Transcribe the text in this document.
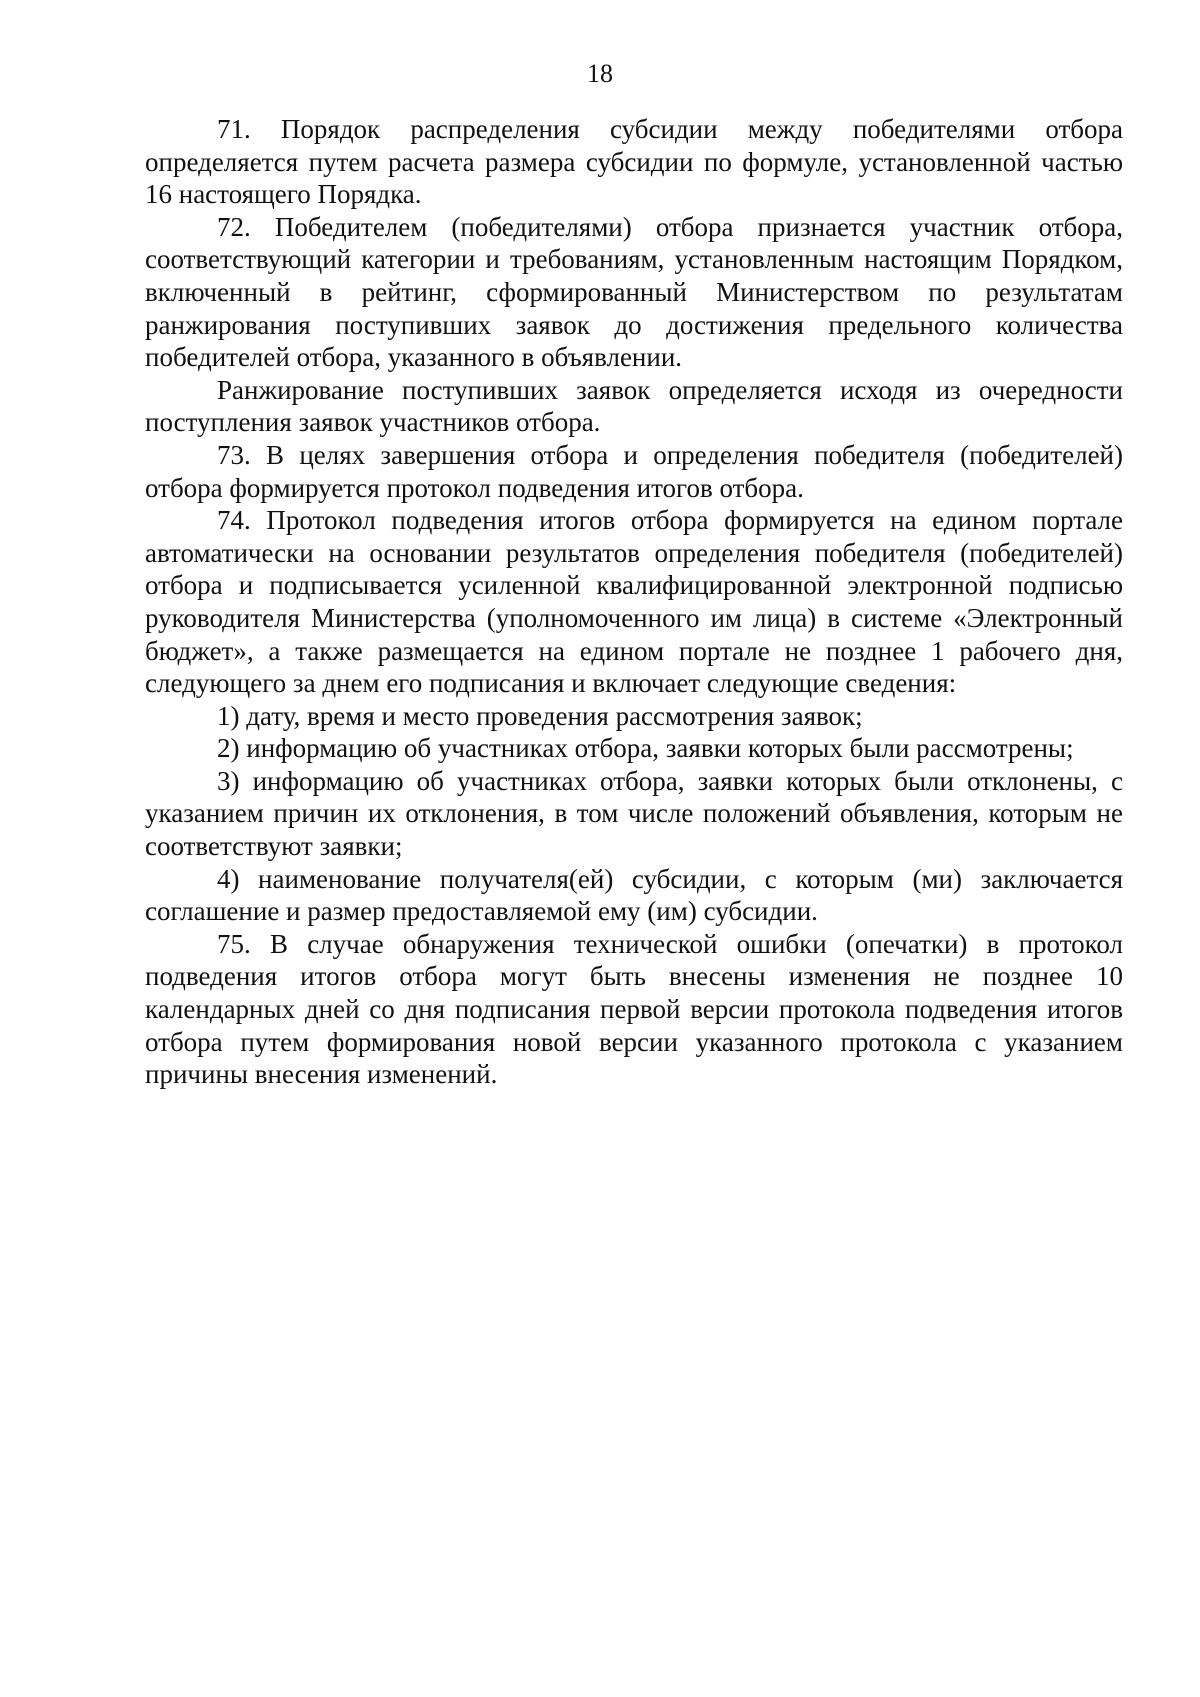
18

71. Порядок распределения субсидии между победителями отбора определяется путем расчета размера субсидии по формуле, установленной частью 16 настоящего Порядка.

72. Победителем (победителями) отбора признается участник отбора, соответствующий категории и требованиям, установленным настоящим Порядком, включенный в рейтинг, сформированный Министерством по результатам ранжирования поступивших заявок до достижения предельного количества победителей отбора, указанного в объявлении.

Ранжирование поступивших заявок определяется исходя из очередности поступления заявок участников отбора.

73. В целях завершения отбора и определения победителя (победителей) отбора формируется протокол подведения итогов отбора.

74. Протокол подведения итогов отбора формируется на едином портале автоматически на основании результатов определения победителя (победителей) отбора и подписывается усиленной квалифицированной электронной подписью руководителя Министерства (уполномоченного им лица) в системе «Электронный бюджет», а также размещается на едином портале не позднее 1 рабочего дня, следующего за днем его подписания и включает следующие сведения:

1) дату, время и место проведения рассмотрения заявок;

2) информацию об участниках отбора, заявки которых были рассмотрены;

3) информацию об участниках отбора, заявки которых были отклонены, с указанием причин их отклонения, в том числе положений объявления, которым не соответствуют заявки;

4) наименование получателя(ей) субсидии, с которым (ми) заключается соглашение и размер предоставляемой ему (им) субсидии.

75. В случае обнаружения технической ошибки (опечатки) в протокол подведения итогов отбора могут быть внесены изменения не позднее 10 календарных дней со дня подписания первой версии протокола подведения итогов отбора путем формирования новой версии указанного протокола с указанием причины внесения изменений.
